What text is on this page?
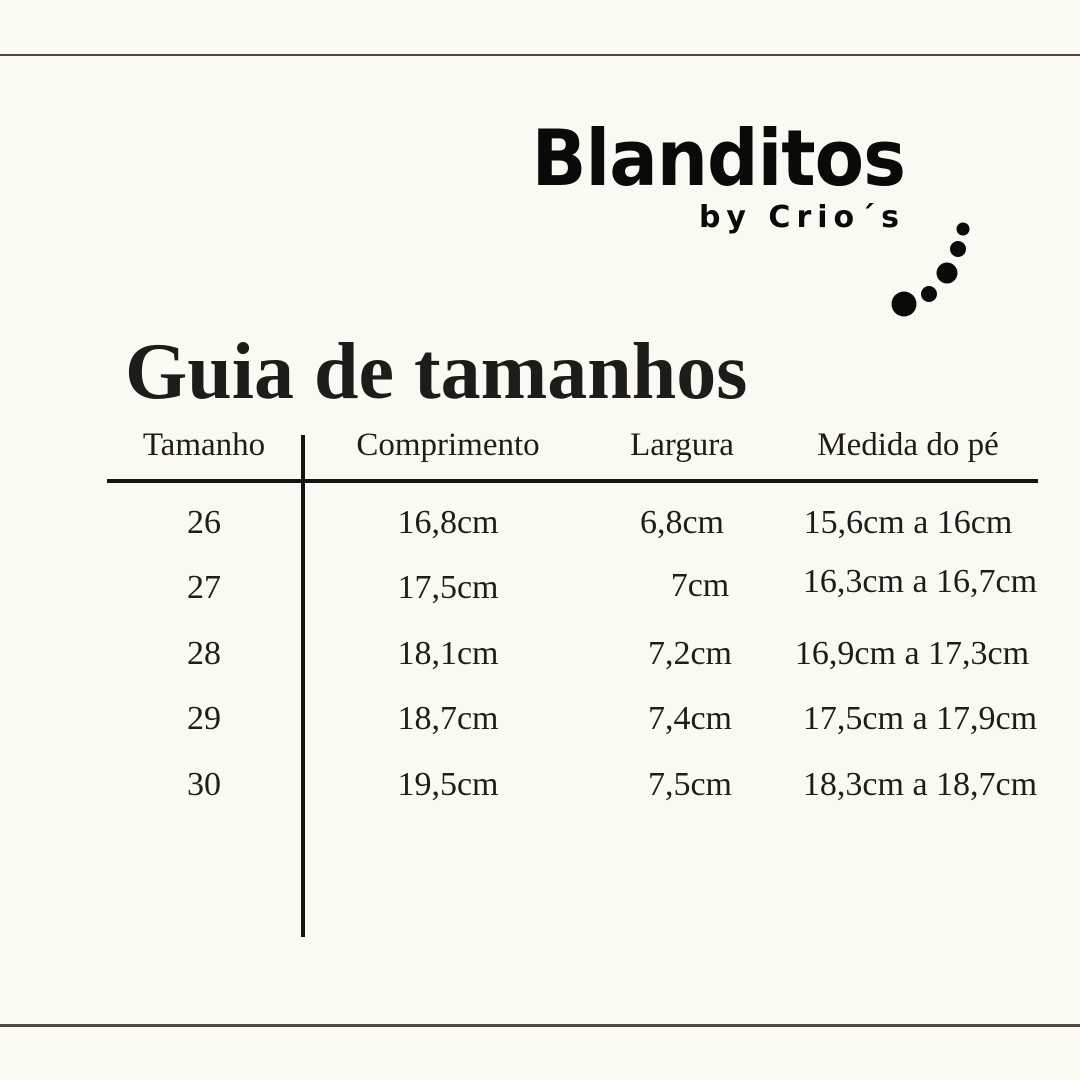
Blanditos
by Crio´s
Guia de tamanhos
Tamanho	Comprimento	Largura	Medida do pé
26	16,8cm	6,8cm	15,6cm a 16cm
27	17,5cm	7cm	16,3cm a 16,7cm
28	18,1cm	7,2cm	16,9cm a 17,3cm
29	18,7cm	7,4cm	17,5cm a 17,9cm
30	19,5cm	7,5cm	18,3cm a 18,7cm
